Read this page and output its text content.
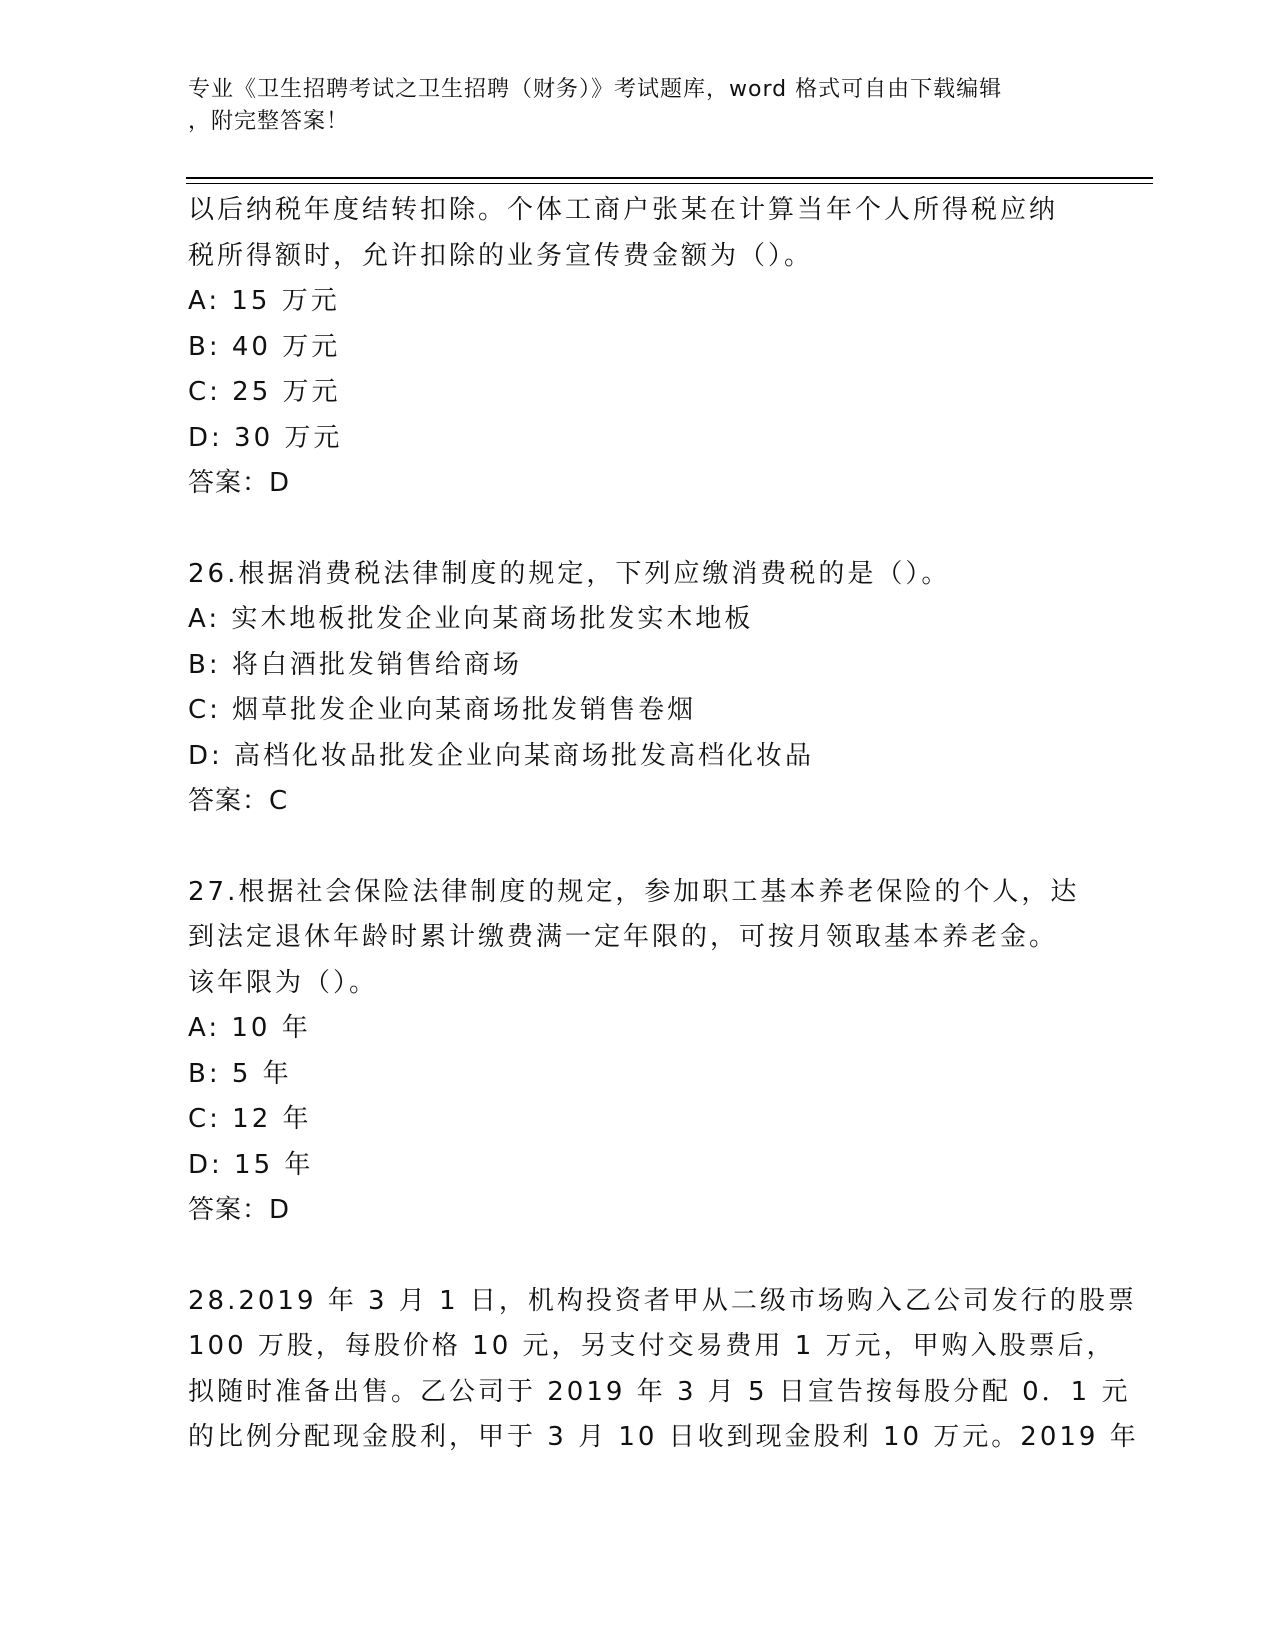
专业《卫生招聘考试之卫生招聘（财务）》考试题库，word 格式可自由下载编辑
，附完整答案！
以后纳税年度结转扣除。个体工商户张某在计算当年个人所得税应纳
税所得额时，允许扣除的业务宣传费金额为（）。
A: 15 万元
B: 40 万元
C: 25 万元
D: 30 万元
答案：D
26.根据消费税法律制度的规定，下列应缴消费税的是（）。
A: 实木地板批发企业向某商场批发实木地板
B: 将白酒批发销售给商场
C: 烟草批发企业向某商场批发销售卷烟
D: 高档化妆品批发企业向某商场批发高档化妆品
答案：C
27.根据社会保险法律制度的规定，参加职工基本养老保险的个人，达
到法定退休年龄时累计缴费满一定年限的，可按月领取基本养老金。
该年限为（）。
A: 10 年
B: 5 年
C: 12 年
D: 15 年
答案：D
28.2019 年 3 月 1 日，机构投资者甲从二级市场购入乙公司发行的股票
100 万股，每股价格 10 元，另支付交易费用 1 万元，甲购入股票后，
拟随时准备出售。乙公司于 2019 年 3 月 5 日宣告按每股分配 0．1 元
的比例分配现金股利，甲于 3 月 10 日收到现金股利 10 万元。2019 年
